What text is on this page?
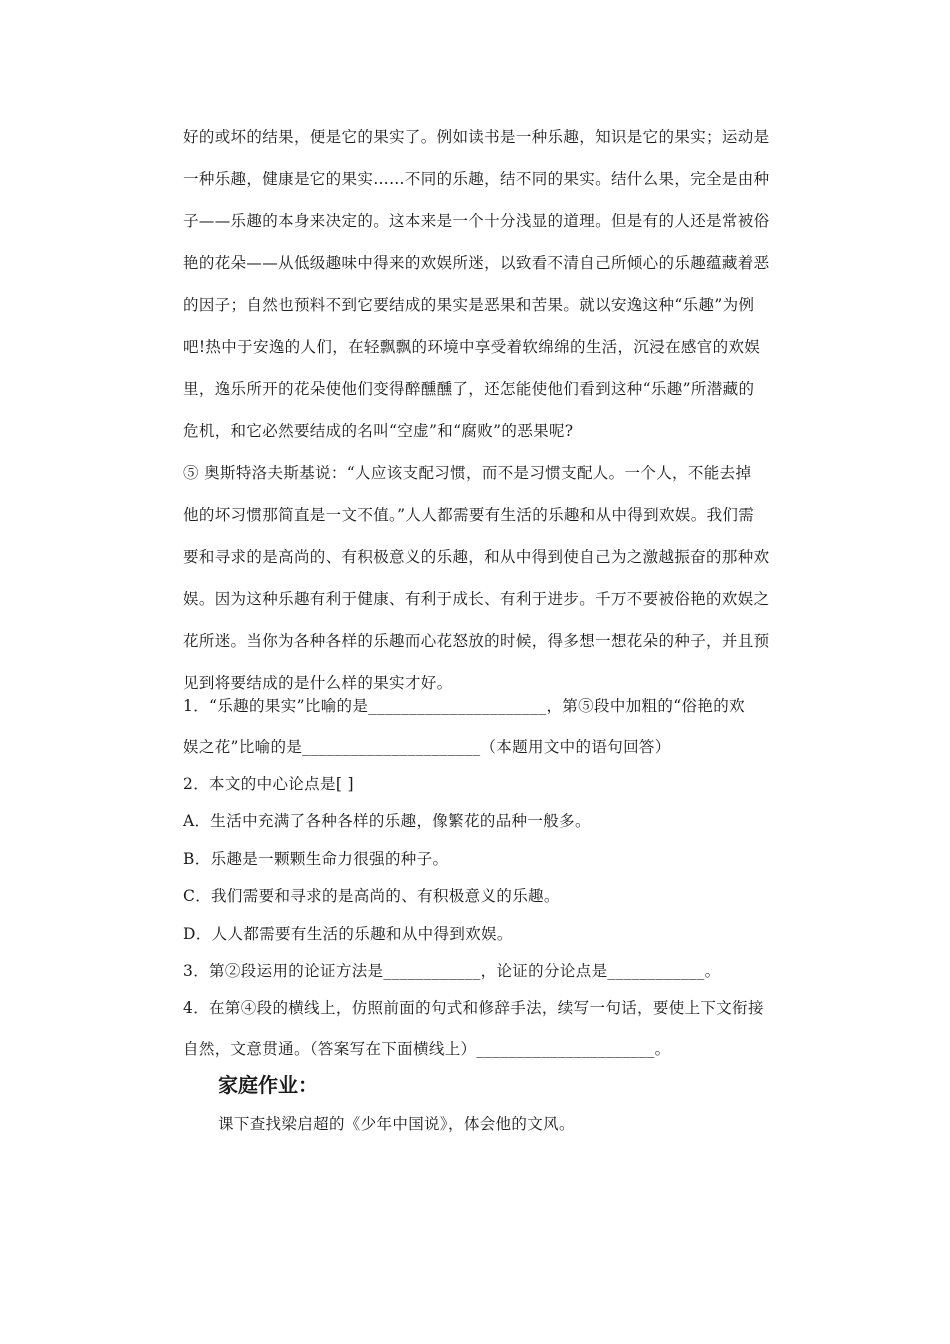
好的或坏的结果，便是它的果实了。例如读书是一种乐趣，知识是它的果实；运动是
一种乐趣，健康是它的果实……不同的乐趣，结不同的果实。结什么果，完全是由种
子——乐趣的本身来决定的。这本来是一个十分浅显的道理。但是有的人还是常被俗
艳的花朵——从低级趣味中得来的欢娱所迷，以致看不清自己所倾心的乐趣蕴藏着恶
的因子；自然也预料不到它要结成的果实是恶果和苦果。就以安逸这种“乐趣”为例
吧!热中于安逸的人们，在轻飘飘的环境中享受着软绵绵的生活，沉浸在感官的欢娱
里，逸乐所开的花朵使他们变得醉醺醺了，还怎能使他们看到这种“乐趣”所潜藏的
危机，和它必然要结成的名叫“空虚”和“腐败”的恶果呢?
⑤ 奥斯特洛夫斯基说：“人应该支配习惯，而不是习惯支配人。一个人，不能去掉
他的坏习惯那简直是一文不值。”人人都需要有生活的乐趣和从中得到欢娱。我们需
要和寻求的是高尚的、有积极意义的乐趣，和从中得到使自己为之激越振奋的那种欢
娱。因为这种乐趣有利于健康、有利于成长、有利于进步。千万不要被俗艳的欢娱之
花所迷。当你为各种各样的乐趣而心花怒放的时候，得多想一想花朵的种子，并且预
见到将要结成的是什么样的果实才好。
1．“乐趣的果实”比喻的是______________________，第⑤段中加粗的“俗艳的欢
娱之花”比喻的是______________________（本题用文中的语句回答）
2．本文的中心论点是[ ]
A．生活中充满了各种各样的乐趣，像繁花的品种一般多。
B．乐趣是一颗颗生命力很强的种子。
C．我们需要和寻求的是高尚的、有积极意义的乐趣。
D．人人都需要有生活的乐趣和从中得到欢娱。
3．第②段运用的论证方法是____________，论证的分论点是____________。
4．在第④段的横线上，仿照前面的句式和修辞手法，续写一句话，要使上下文衔接
自然，文意贯通。（答案写在下面横线上）______________________。
家庭作业：
课下查找梁启超的《少年中国说》，体会他的文风。
